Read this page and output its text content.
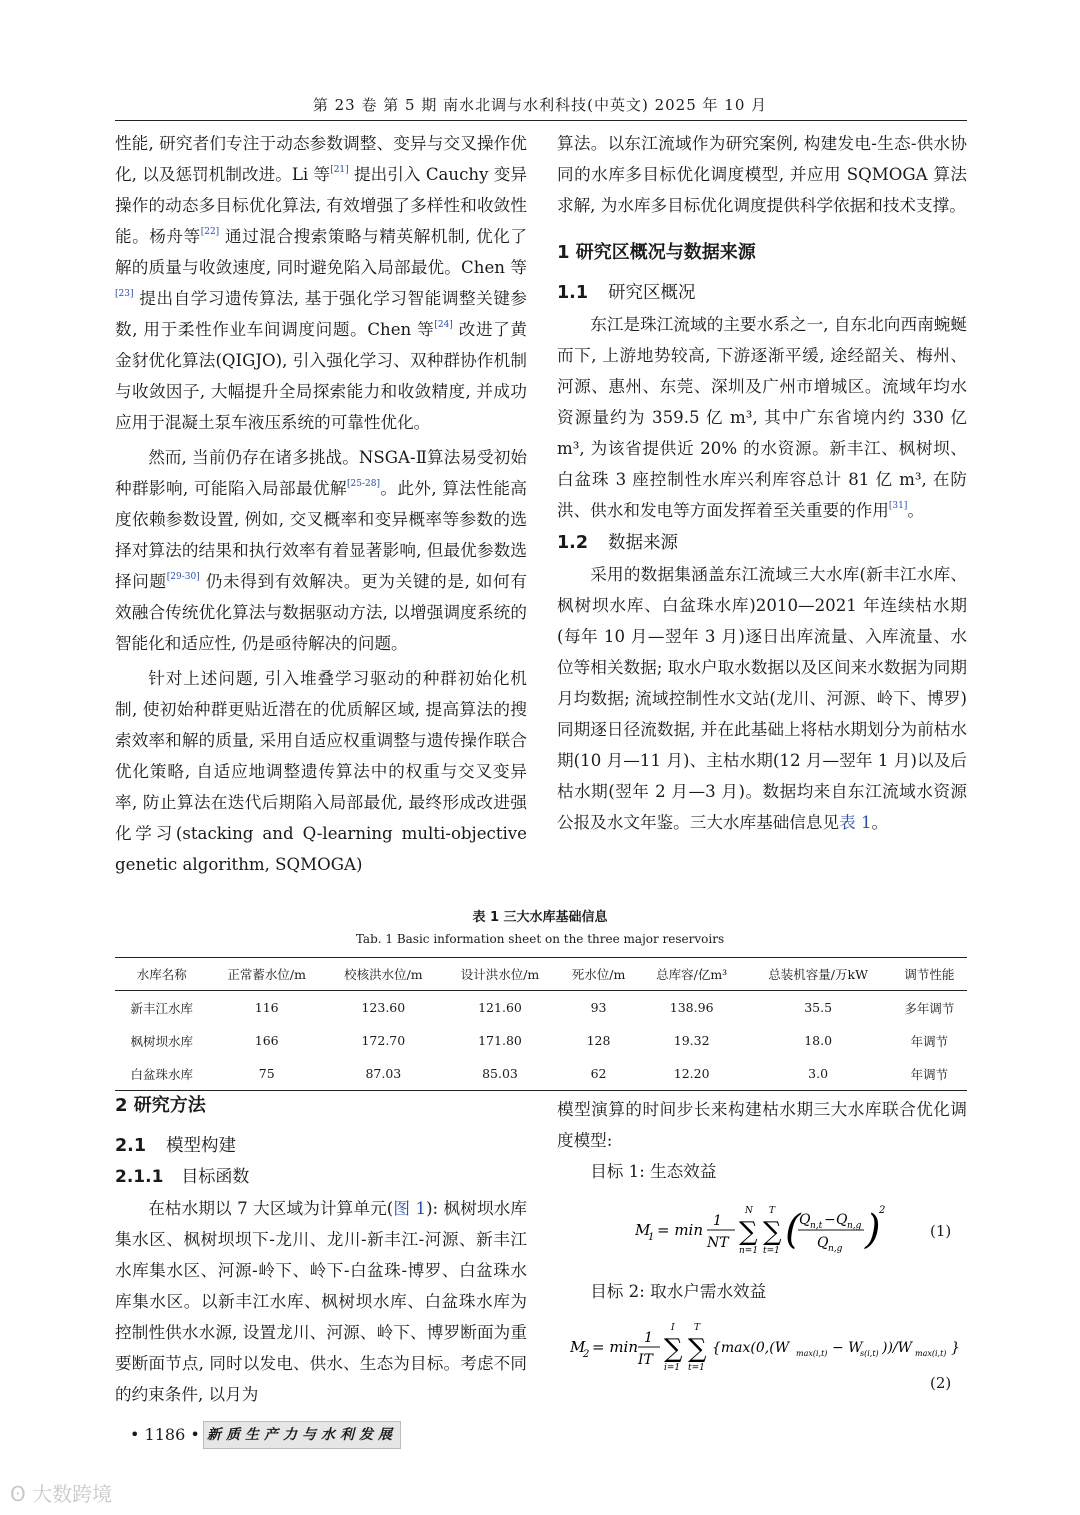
第 23 卷 第 5 期 南水北调与水利科技(中英文) 2025 年 10 月

性能, 研究者们专注于动态参数调整、变异与交叉操作优化, 以及惩罚机制改进。Li 等[21] 提出引入 Cauchy 变异操作的动态多目标优化算法, 有效增强了多样性和收敛性能。杨舟等[22] 通过混合搜索策略与精英解机制, 优化了解的质量与收敛速度, 同时避免陷入局部最优。Chen 等[23] 提出自学习遗传算法, 基于强化学习智能调整关键参数, 用于柔性作业车间调度问题。Chen 等[24] 改进了黄金豺优化算法(QIGJO), 引入强化学习、双种群协作机制与收敛因子, 大幅提升全局探索能力和收敛精度, 并成功应用于混凝土泵车液压系统的可靠性优化。

然而, 当前仍存在诸多挑战。NSGA-Ⅱ算法易受初始种群影响, 可能陷入局部最优解[25-28]。此外, 算法性能高度依赖参数设置, 例如, 交叉概率和变异概率等参数的选择对算法的结果和执行效率有着显著影响, 但最优参数选择问题[29-30] 仍未得到有效解决。更为关键的是, 如何有效融合传统优化算法与数据驱动方法, 以增强调度系统的智能化和适应性, 仍是亟待解决的问题。

针对上述问题, 引入堆叠学习驱动的种群初始化机制, 使初始种群更贴近潜在的优质解区域, 提高算法的搜索效率和解的质量, 采用自适应权重调整与遗传操作联合优化策略, 自适应地调整遗传算法中的权重与交叉变异率, 防止算法在迭代后期陷入局部最优, 最终形成改进强化学习(stacking and Q-learning multi-objective genetic algorithm, SQMOGA)

算法。以东江流域作为研究案例, 构建发电-生态-供水协同的水库多目标优化调度模型, 并应用 SQMOGA 算法求解, 为水库多目标优化调度提供科学依据和技术支撑。

1 研究区概况与数据来源

1.1 研究区概况

东江是珠江流域的主要水系之一, 自东北向西南蜿蜒而下, 上游地势较高, 下游逐渐平缓, 途经韶关、梅州、河源、惠州、东莞、深圳及广州市增城区。流域年均水资源量约为 359.5 亿 m³, 其中广东省境内约 330 亿 m³, 为该省提供近 20% 的水资源。新丰江、枫树坝、白盆珠 3 座控制性水库兴利库容总计 81 亿 m³, 在防洪、供水和发电等方面发挥着至关重要的作用[31]。

1.2 数据来源

采用的数据集涵盖东江流域三大水库(新丰江水库、枫树坝水库、白盆珠水库)2010—2021 年连续枯水期(每年 10 月—翌年 3 月)逐日出库流量、入库流量、水位等相关数据; 取水户取水数据以及区间来水数据为同期月均数据; 流域控制性水文站(龙川、河源、岭下、博罗)同期逐日径流数据, 并在此基础上将枯水期划分为前枯水期(10 月—11 月)、主枯水期(12 月—翌年 1 月)以及后枯水期(翌年 2 月—3 月)。数据均来自东江流域水资源公报及水文年鉴。三大水库基础信息见表 1。

表 1 三大水库基础信息
Tab. 1 Basic information sheet on the three major reservoirs
水库名称	正常蓄水位/m	校核洪水位/m	设计洪水位/m	死水位/m	总库容/亿m³	总装机容量/万kW	调节性能
新丰江水库	116	123.60	121.60	93	138.96	35.5	多年调节
枫树坝水库	166	172.70	171.80	128	19.32	18.0	年调节
白盆珠水库	75	87.03	85.03	62	12.20	3.0	年调节

2 研究方法

2.1 模型构建

2.1.1 目标函数

在枯水期以 7 大区域为计算单元(图 1): 枫树坝水库集水区、枫树坝坝下-龙川、龙川-新丰江-河源、新丰江水库集水区、河源-岭下、岭下-白盆珠-博罗、白盆珠水库集水区。以新丰江水库、枫树坝水库、白盆珠水库为控制性供水水源, 设置龙川、河源、岭下、博罗断面为重要断面节点, 同时以发电、供水、生态为目标。考虑不同的约束条件, 以月为

模型演算的时间步长来构建枯水期三大水库联合优化调度模型:

目标 1: 生态效益

M
1 = min 1
NT ∑
N
n=1
∑
T
t=1 (
Q n,t − Q n,g
Q n,g )
2
(1)

目标 2: 取水户需水效益

M
2 = min 1
IT ∑
I
i=1
∑
T
t=1
{max(0,(W max(i,t) − W
s(i,t) ))/W max(i,t) }
(2)
• 1186 • 新质生产力与水利发展
ʘ 大数跨境
